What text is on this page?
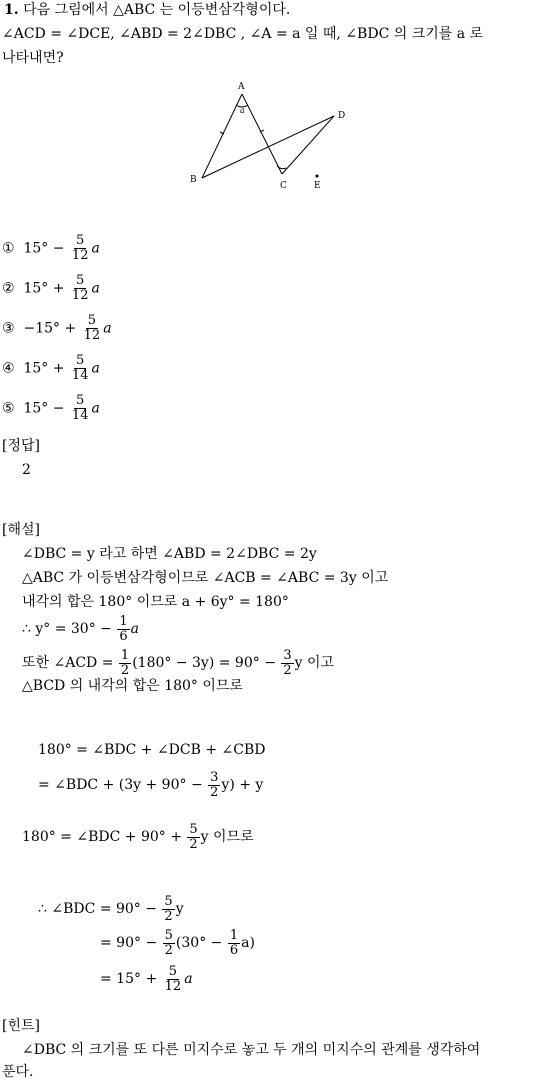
1. 다음 그림에서 △ABC 는 이등변삼각형이다.
∠ACD = ∠DCE, ∠ABD = 2∠DBC , ∠A = a 일 때, ∠BDC 의 크기를 a 로
나타내면?
A
a
B
C
D
E
① $15^\circ - \frac{5}{12}$ a
② $15^\circ + \frac{5}{12}$ a
③ $-15^\circ + \frac{5}{12}$ a
④ $15^\circ + \frac{5}{14}$ a
⑤ $15^\circ - \frac{5}{14}$ a
[정답]
2
[해설]
∠DBC = y 라고 하면 ∠ABD = 2∠DBC = 2y
△ABC 가 이등변삼각형이므로 ∠ACB = ∠ABC = 3y 이고
내각의 합은 180° 이므로 a + 6y° = 180°
∴ $y^\circ = 30^\circ - \frac{1}{6}$ a
또한 ∠ACD = $\frac{1}{2} (180^\circ - 3y) = 90^\circ - \frac{3}{2}$ y 이고
△BCD 의 내각의 합은 180° 이므로
180° = ∠BDC + ∠DCB + ∠CBD
= ∠BDC + $(3y + 90^\circ - \frac{3}{2} y) + y$
180° = ∠BDC + $90^\circ + \frac{5}{2}$ y 이므로
∴ ∠BDC = $90^\circ - \frac{5}{2}$ y
= $90^\circ - \frac{5}{2} (30^\circ - \frac{1}{6} a)$
= $15^\circ + \frac{5}{12}$ a
[힌트]
∠DBC 의 크기를 또 다른 미지수로 놓고 두 개의 미지수의 관계를 생각하여
푼다.
